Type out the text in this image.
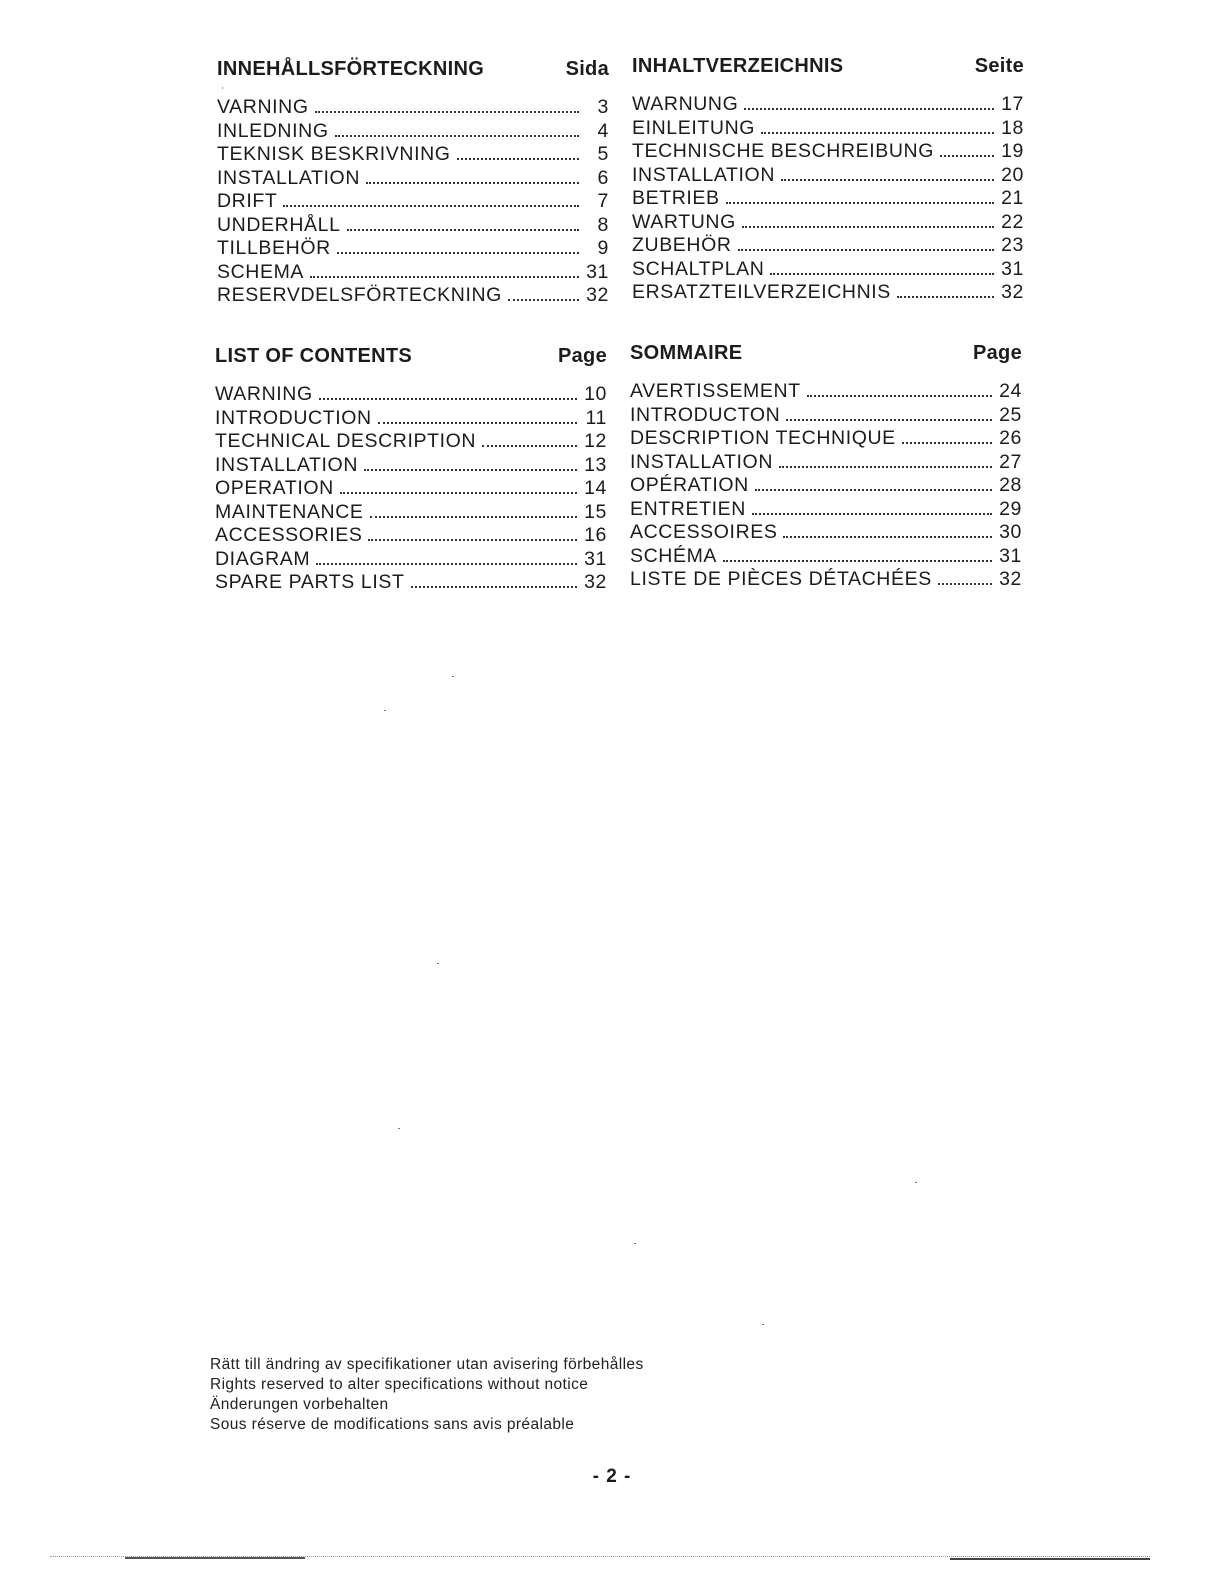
INNEHÅLLSFÖRTECKNING	Sida
VARNING	3
INLEDNING	4
TEKNISK BESKRIVNING	5
INSTALLATION	6
DRIFT	7
UNDERHÅLL	8
TILLBEHÖR	9
SCHEMA	31
RESERVDELSFÖRTECKNING	32
INHALTVERZEICHNIS	Seite
WARNUNG	17
EINLEITUNG	18
TECHNISCHE BESCHREIBUNG	19
INSTALLATION	20
BETRIEB	21
WARTUNG	22
ZUBEHÖR	23
SCHALTPLAN	31
ERSATZTEILVERZEICHNIS	32
LIST OF CONTENTS	Page
WARNING	10
INTRODUCTION	11
TECHNICAL DESCRIPTION	12
INSTALLATION	13
OPERATION	14
MAINTENANCE	15
ACCESSORIES	16
DIAGRAM	31
SPARE PARTS LIST	32
SOMMAIRE	Page
AVERTISSEMENT	24
INTRODUCTON	25
DESCRIPTION TECHNIQUE	26
INSTALLATION	27
OPÉRATION	28
ENTRETIEN	29
ACCESSOIRES	30
SCHÉMA	31
LISTE DE PIÈCES DÉTACHÉES	32
Rätt till ändring av specifikationer utan avisering förbehålles
Rights reserved to alter specifications without notice
Änderungen vorbehalten
Sous réserve de modifications sans avis préalable
- 2 -
˙
